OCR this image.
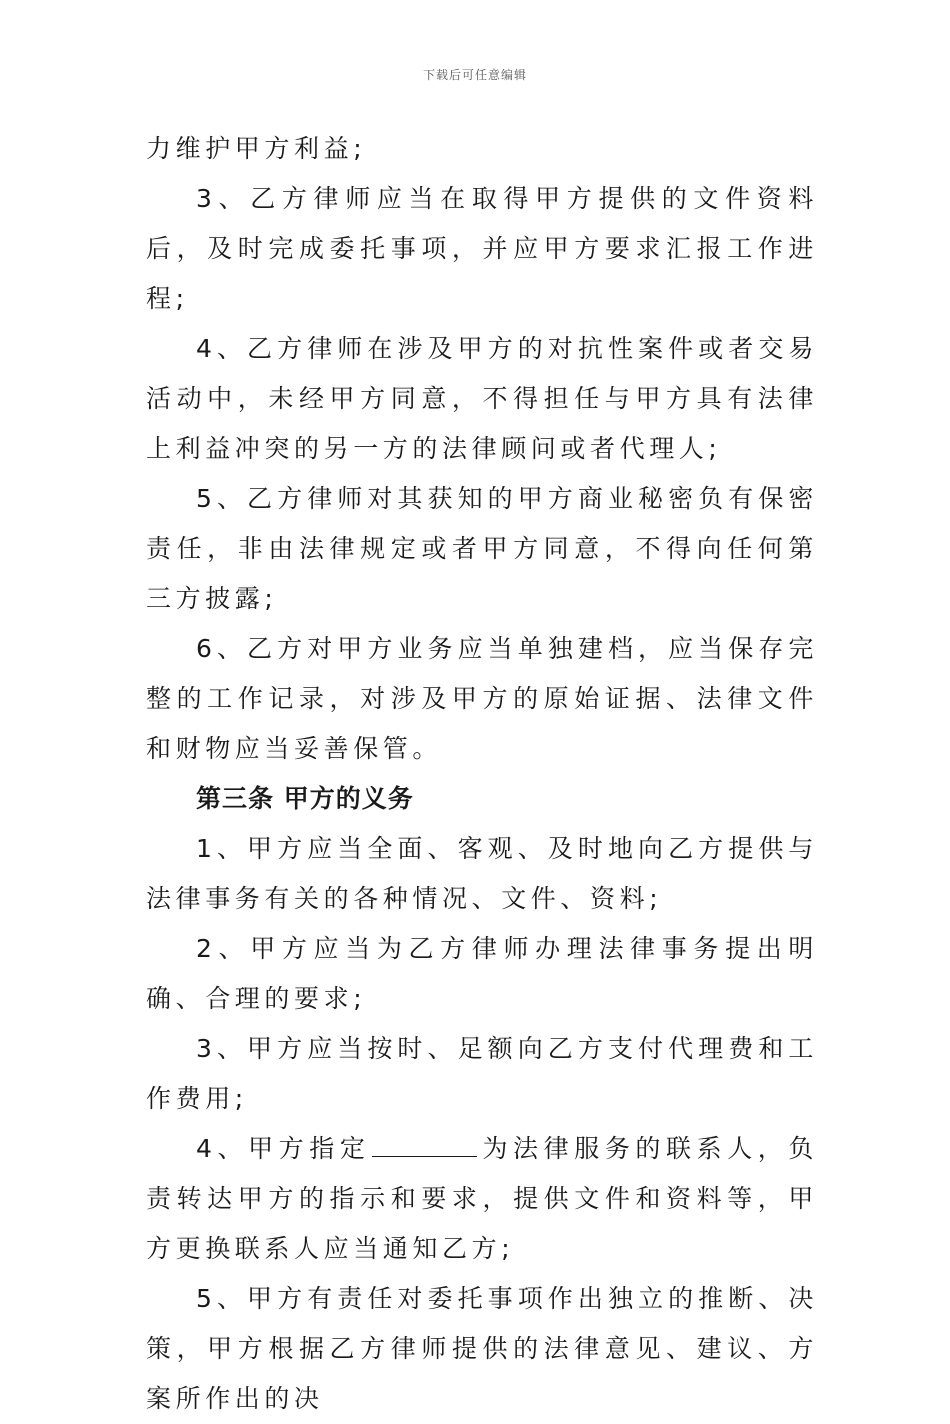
下载后可任意编辑

力维护甲方利益;

3、乙方律师应当在取得甲方提供的文件资料后，及时完成委托事项，并应甲方要求汇报工作进程;

4、乙方律师在涉及甲方的对抗性案件或者交易活动中，未经甲方同意，不得担任与甲方具有法律上利益冲突的另一方的法律顾问或者代理人;

5、乙方律师对其获知的甲方商业秘密负有保密责任，非由法律规定或者甲方同意，不得向任何第三方披露;

6、乙方对甲方业务应当单独建档，应当保存完整的工作记录，对涉及甲方的原始证据、法律文件和财物应当妥善保管。

第三条 甲方的义务

1、甲方应当全面、客观、及时地向乙方提供与法律事务有关的各种情况、文件、资料;

2、甲方应当为乙方律师办理法律事务提出明确、合理的要求;

3、甲方应当按时、足额向乙方支付代理费和工作费用;

4、甲方指定	为法律服务的联系人，负责转达甲方的指示和要求，提供文件和资料等，甲方更换联系人应当通知乙方;

5、甲方有责任对委托事项作出独立的推断、决策，甲方根据乙方律师提供的法律意见、建议、方案所作出的决
